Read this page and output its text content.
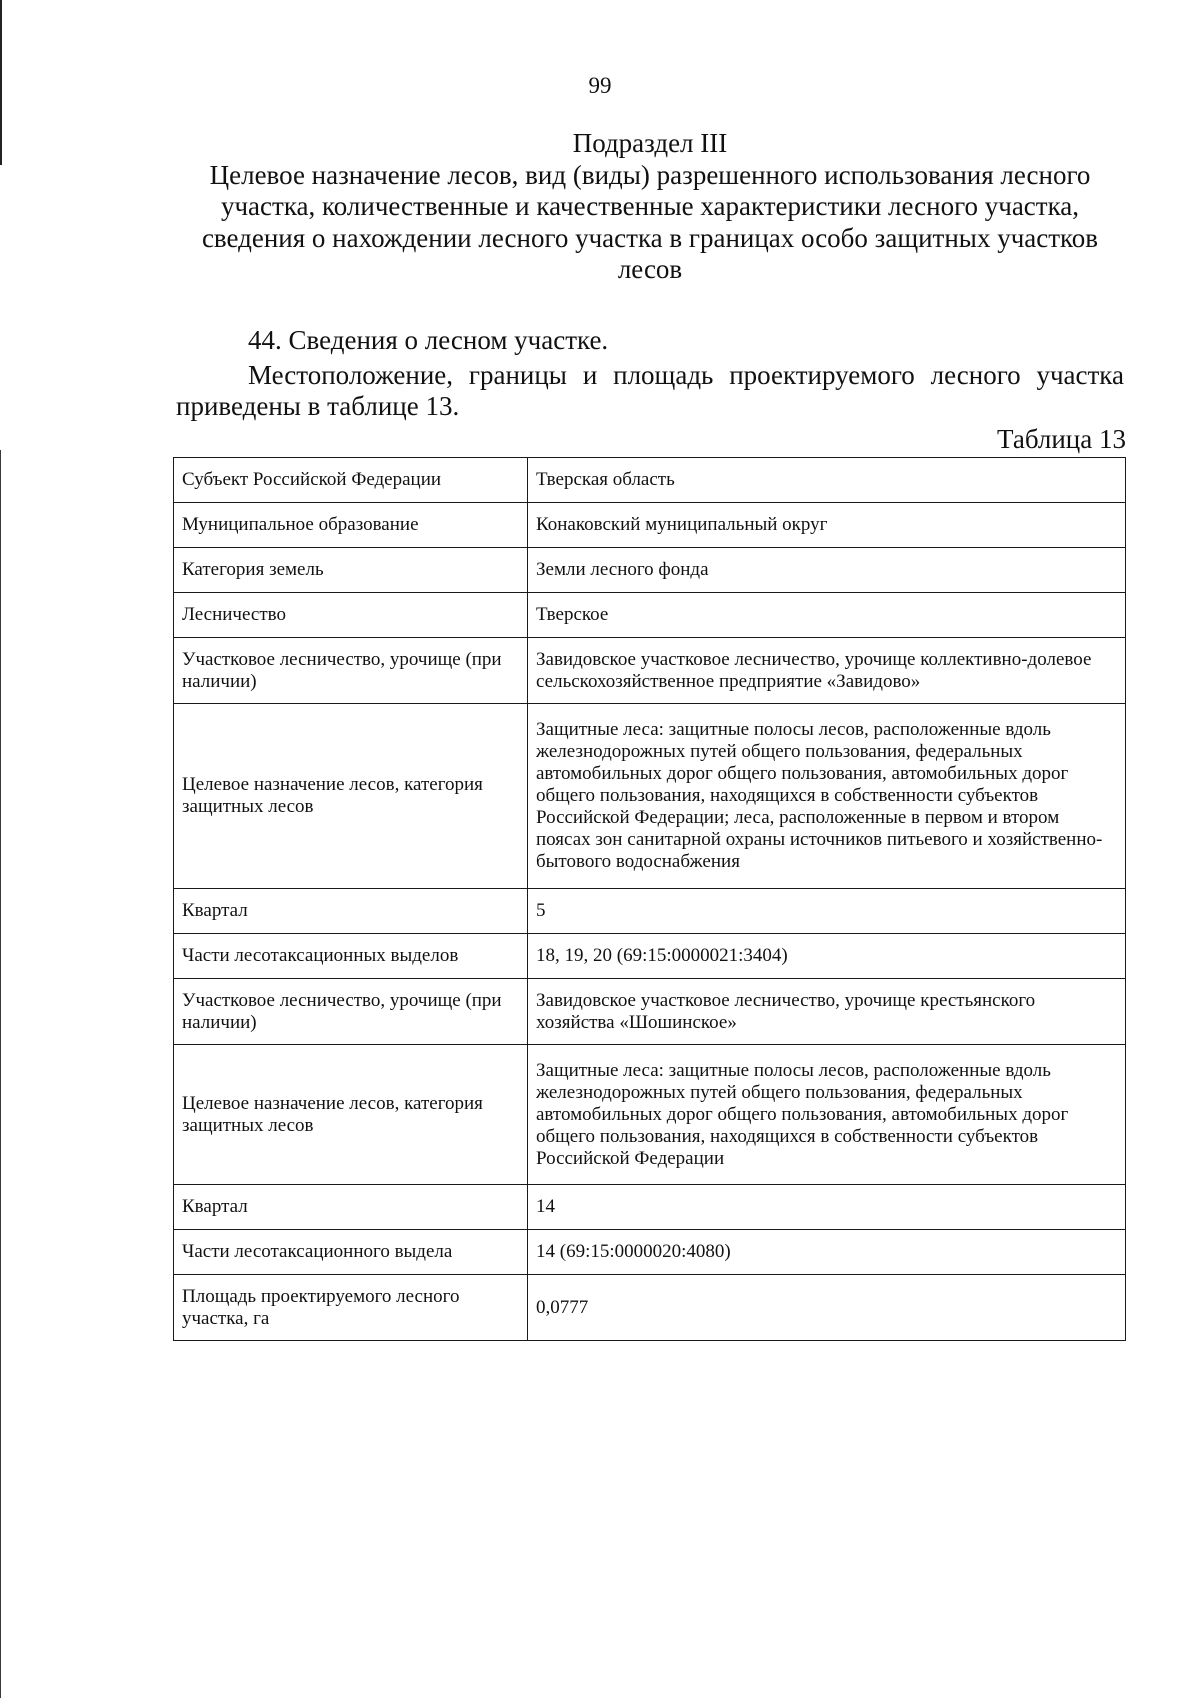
99
Подраздел III
Целевое назначение лесов, вид (виды) разрешенного использования лесного участка, количественные и качественные характеристики лесного участка, сведения о нахождении лесного участка в границах особо защитных участков лесов
44. Сведения о лесном участке.
Местоположение, границы и площадь проектируемого лесного участка приведены в таблице 13.
Таблица 13
Субъект Российской Федерации	Тверская область
Муниципальное образование	Конаковский муниципальный округ
Категория земель	Земли лесного фонда
Лесничество	Тверское
Участковое лесничество, урочище (при наличии)	Завидовское участковое лесничество, урочище коллективно-долевое сельскохозяйственное предприятие «Завидово»
Целевое назначение лесов, категория защитных лесов	Защитные леса: защитные полосы лесов, расположенные вдоль железнодорожных путей общего пользования, федеральных автомобильных дорог общего пользования, автомобильных дорог общего пользования, находящихся в собственности субъектов Российской Федерации; леса, расположенные в первом и втором поясах зон санитарной охраны источников питьевого и хозяйственно-бытового водоснабжения
Квартал	5
Части лесотаксационных выделов	18, 19, 20 (69:15:0000021:3404)
Участковое лесничество, урочище (при наличии)	Завидовское участковое лесничество, урочище крестьянского хозяйства «Шошинское»
Целевое назначение лесов, категория защитных лесов	Защитные леса: защитные полосы лесов, расположенные вдоль железнодорожных путей общего пользования, федеральных автомобильных дорог общего пользования, автомобильных дорог общего пользования, находящихся в собственности субъектов Российской Федерации
Квартал	14
Части лесотаксационного выдела	14 (69:15:0000020:4080)
Площадь проектируемого лесного участка, га	0,0777
